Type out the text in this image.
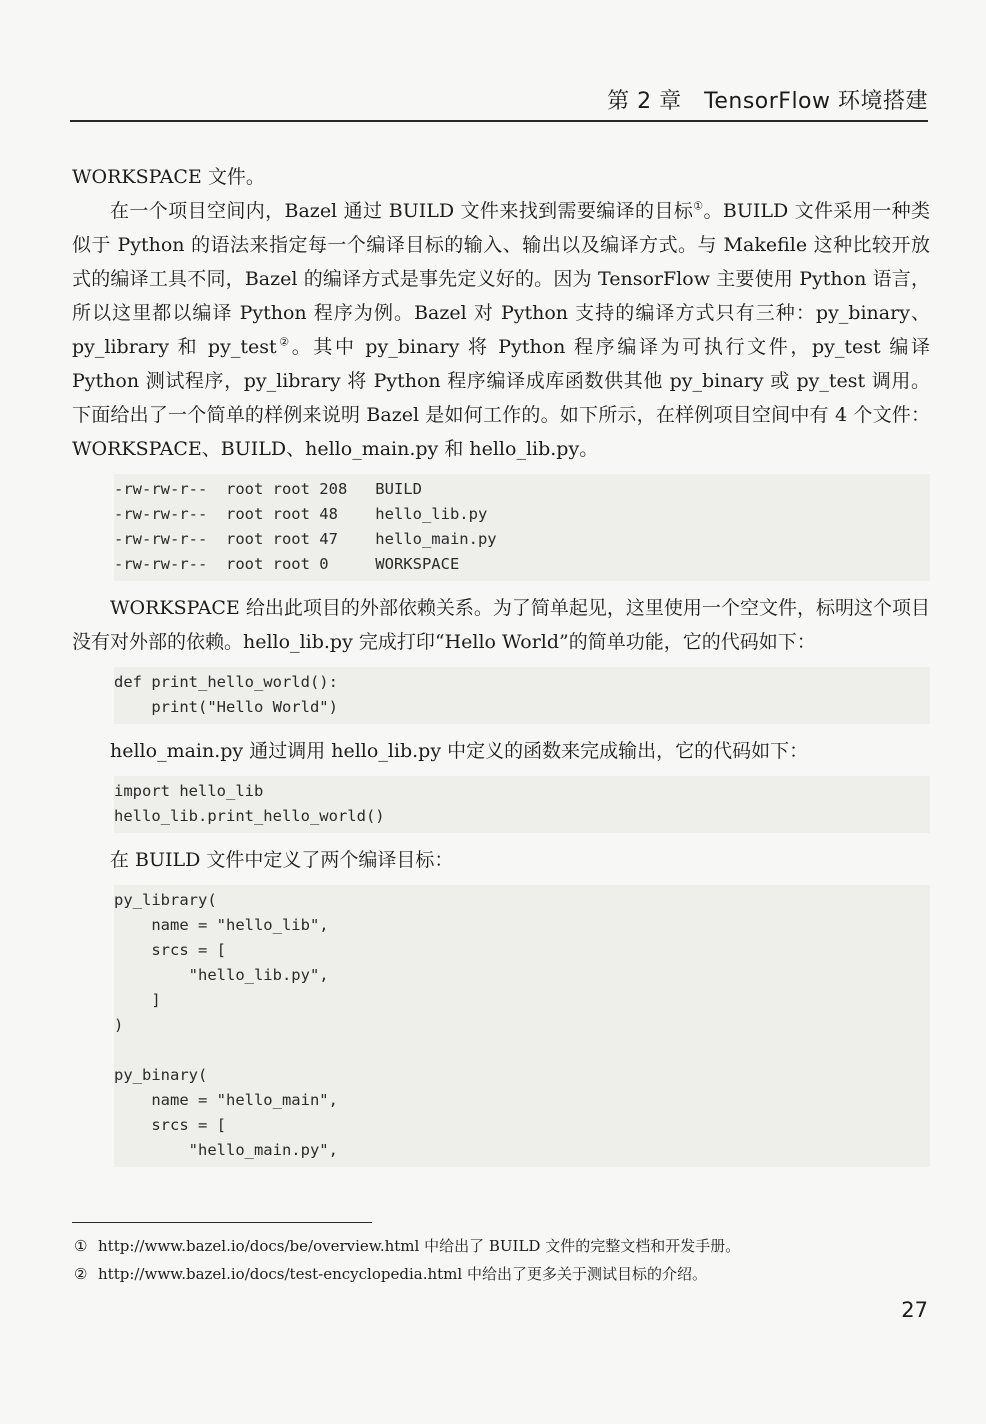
第 2 章　TensorFlow 环境搭建

WORKSPACE 文件。

在一个项目空间内，Bazel 通过 BUILD 文件来找到需要编译的目标①。BUILD 文件采用一种类似于 Python 的语法来指定每一个编译目标的输入、输出以及编译方式。与 Makefile 这种比较开放式的编译工具不同，Bazel 的编译方式是事先定义好的。因为 TensorFlow 主要使用 Python 语言，所以这里都以编译 Python 程序为例。Bazel 对 Python 支持的编译方式只有三种：py_binary、py_library 和 py_test②。其中 py_binary 将 Python 程序编译为可执行文件，py_test 编译 Python 测试程序，py_library 将 Python 程序编译成库函数供其他 py_binary 或 py_test 调用。下面给出了一个简单的样例来说明 Bazel 是如何工作的。如下所示，在样例项目空间中有 4 个文件：WORKSPACE、BUILD、hello_main.py 和 hello_lib.py。

-rw-rw-r--  root root 208   BUILD
-rw-rw-r--  root root 48    hello_lib.py
-rw-rw-r--  root root 47    hello_main.py
-rw-rw-r--  root root 0     WORKSPACE

WORKSPACE 给出此项目的外部依赖关系。为了简单起见，这里使用一个空文件，标明这个项目没有对外部的依赖。hello_lib.py 完成打印“Hello World”的简单功能，它的代码如下：

def print_hello_world():
print("Hello World")

hello_main.py 通过调用 hello_lib.py 中定义的函数来完成输出，它的代码如下：

import hello_lib
hello_lib.print_hello_world()

在 BUILD 文件中定义了两个编译目标：

py_library(
name = "hello_lib",
srcs = [
"hello_lib.py",
]
)

py_binary(
name = "hello_main",
srcs = [
"hello_main.py",

① http://www.bazel.io/docs/be/overview.html 中给出了 BUILD 文件的完整文档和开发手册。

② http://www.bazel.io/docs/test-encyclopedia.html 中给出了更多关于测试目标的介绍。

27
